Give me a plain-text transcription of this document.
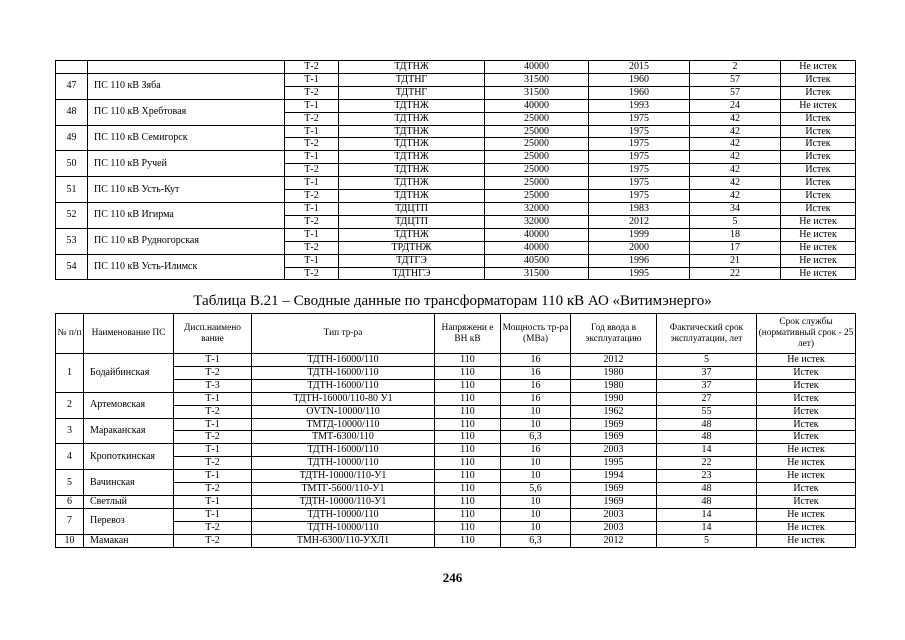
		Т-2	ТДТНЖ	40000	2015	2	Не истек
47	ПС 110 кВ Зяба	Т-1	ТДТНГ	31500	1960	57	Истек
		Т-2	ТДТНГ	31500	1960	57	Истек
48	ПС 110 кВ Хребтовая	Т-1	ТДТНЖ	40000	1993	24	Не истек
		Т-2	ТДТНЖ	25000	1975	42	Истек
49	ПС 110 кВ Семигорск	Т-1	ТДТНЖ	25000	1975	42	Истек
		Т-2	ТДТНЖ	25000	1975	42	Истек
50	ПС 110 кВ Ручей	Т-1	ТДТНЖ	25000	1975	42	Истек
		Т-2	ТДТНЖ	25000	1975	42	Истек
51	ПС 110 кВ Усть-Кут	Т-1	ТДТНЖ	25000	1975	42	Истек
		Т-2	ТДТНЖ	25000	1975	42	Истек
52	ПС 110 кВ Игирма	Т-1	ТДЦТП	32000	1983	34	Истек
		Т-2	ТДЦТП	32000	2012	5	Не истек
53	ПС 110 кВ Рудногорская	Т-1	ТДТНЖ	40000	1999	18	Не истек
		Т-2	ТРДТНЖ	40000	2000	17	Не истек
54	ПС 110 кВ Усть-Илимск	Т-1	ТДТГЭ	40500	1996	21	Не истек
		Т-2	ТДТНГЭ	31500	1995	22	Не истек
Таблица В.21 – Сводные данные по трансформаторам 110 кВ АО «Витимэнерго»
№ п/п	Наименование ПС	Дисп.наимено вание	Тип тр-ра	Напряжени е ВН кВ	Мощность тр-ра (МВа)	Год ввода в эксплуатацию	Фактический срок эксплуатации, лет	Срок службы (нормативный срок - 25 лет)
1	Бодайбинская	Т-1	ТДТН-16000/110	110	16	2012	5	Не истек
		Т-2	ТДТН-16000/110	110	16	1980	37	Истек
		Т-3	ТДТН-16000/110	110	16	1980	37	Истек
2	Артемовская	Т-1	ТДТН-16000/110-80 У1	110	16	1990	27	Истек
		Т-2	OVTN-10000/110	110	10	1962	55	Истек
3	Мараканская	Т-1	ТМТД-10000/110	110	10	1969	48	Истек
		Т-2	ТМТ-6300/110	110	6,3	1969	48	Истек
4	Кропоткинская	Т-1	ТДТН-16000/110	110	16	2003	14	Не истек
		Т-2	ТДТН-10000/110	110	10	1995	22	Не истек
5	Вачинская	Т-1	ТДТН-10000/110-У1	110	10	1994	23	Не истек
		Т-2	ТМТГ-5600/110-У1	110	5,6	1969	48	Истек
6	Светлый	Т-1	ТДТН-10000/110-У1	110	10	1969	48	Истек
7	Перевоз	Т-1	ТДТН-10000/110	110	10	2003	14	Не истек
		Т-2	ТДТН-10000/110	110	10	2003	14	Не истек
10	Мамакан	Т-2	ТМН-6300/110-УХЛ1	110	6,3	2012	5	Не истек
246
